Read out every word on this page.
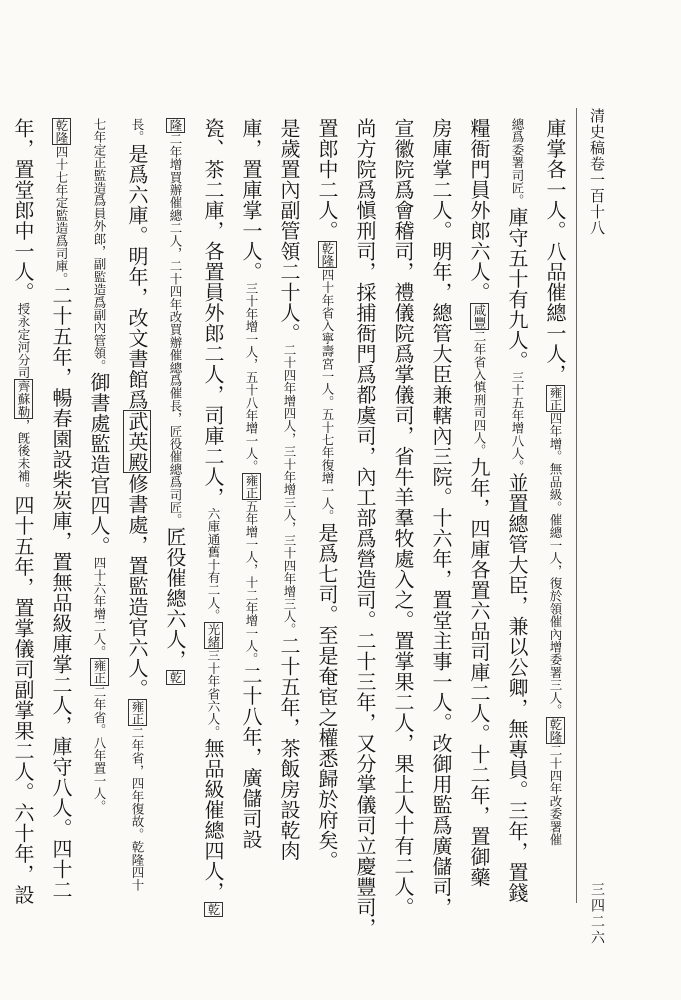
清史稿卷一百十八
三四二六
庫掌各一人。八品催總一人，雍正四年增。無品級。催總一人，復於領催內增委署三人。乾隆二十四年改委署催
總爲委署司匠。庫守五十有九人。三十五年增八人。並置總管大臣，兼以公卿，無專員。三年，置錢
糧衙門員外郎六人。咸豐二年省入慎刑司四人。九年，四庫各置六品司庫二人。十二年，置御藥
房庫掌二人。明年，總管大臣兼轄內三院。十六年，置堂主事一人。改御用監爲廣儲司，
宣徽院爲會稽司，禮儀院爲掌儀司，省牛羊羣牧處入之。置掌果二人，果上人十有二人。
尚方院爲愼刑司，採捕衙門爲都虞司，內工部爲營造司。二十三年，又分掌儀司立慶豐司，
置郎中二人。乾隆四十年省入寧壽宮一人。五十七年復增一人。是爲七司。至是奄宦之權悉歸於府矣。
是歲置內副管領二十人。二十四年增四人，三十年增三人，三十四年增三人。二十五年，茶飯房設乾肉
庫，置庫掌一人。三十年增一人，五十八年增一人。雍正五年增一人，十二年增一人。二十八年，廣儲司設
瓷、茶二庫，各置員外郎二人，司庫二人，六庫通舊十有二人。光緒三十年省六人。無品級催總四人，乾
隆二年增買辦催總二人，二十四年改買辦催總爲催長，匠役催總爲司匠。匠役催總六人，乾
長。是爲六庫。明年，改文書館爲武英殿修書處，置監造官六人。雍正二年省，四年復故。乾隆四十
七年定正監造爲員外郎，副監造爲副內管領。御書處監造官四人。四十六年增二人。雍正二年省。八年置一人。
乾隆四十七年定監造爲司庫。二十五年，暢春園設柴炭庫，置無品級庫掌二人，庫守八人。四十二
年，置堂郎中一人。授永定河分司齊蘇勒，旣後未補。四十五年，置掌儀司副掌果二人。六十年，設
